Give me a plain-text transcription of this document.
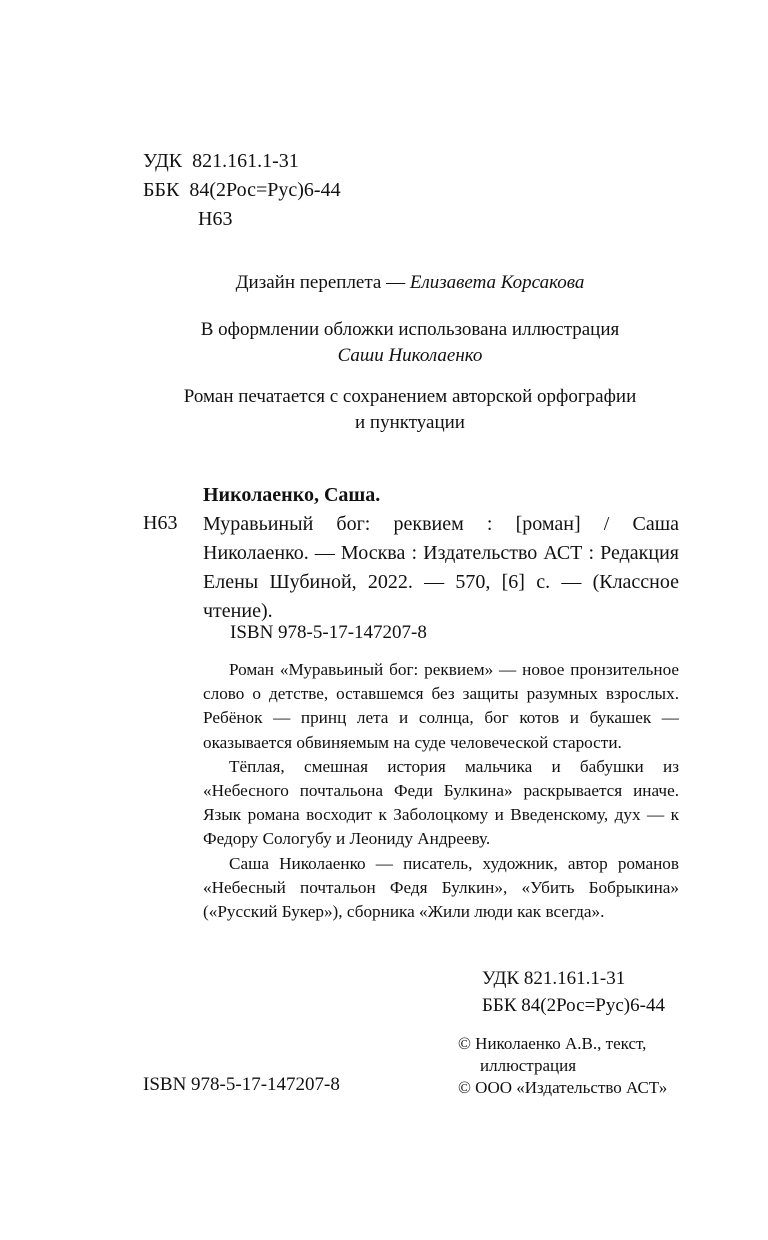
УДК 821.161.1-31
ББК 84(2Рос=Рус)6-44
Н63
Дизайн переплета — Елизавета Корсакова
В оформлении обложки использована иллюстрация
Саши Николаенко
Роман печатается с сохранением авторской орфографии
и пунктуации
Николаенко, Саша.
Н63 Муравьиный бог: реквием : [роман] / Саша Николаенко. — Москва : Издательство АСТ : Редакция Елены Шубиной, 2022. — 570, [6] с. — (Классное чтение).
ISBN 978-5-17-147207-8

Роман «Муравьиный бог: реквием» — новое пронзительное слово о детстве, оставшемся без защиты разумных взрослых. Ребёнок — принц лета и солнца, бог котов и букашек — оказывается обвиняемым на суде человеческой старости.

Тёплая, смешная история мальчика и бабушки из «Небесного почтальона Феди Булкина» раскрывается иначе. Язык романа восходит к Заболоцкому и Введенскому, дух — к Федору Сологубу и Леониду Андрееву.

Саша Николаенко — писатель, художник, автор романов «Небесный почтальон Федя Булкин», «Убить Бобрыкина» («Русский Букер»), сборника «Жили люди как всегда».

УДК 821.161.1-31
ББК 84(2Рос=Рус)6-44
© Николаенко А.В., текст,
иллюстрация
© ООО «Издательство АСТ»
ISBN 978-5-17-147207-8
